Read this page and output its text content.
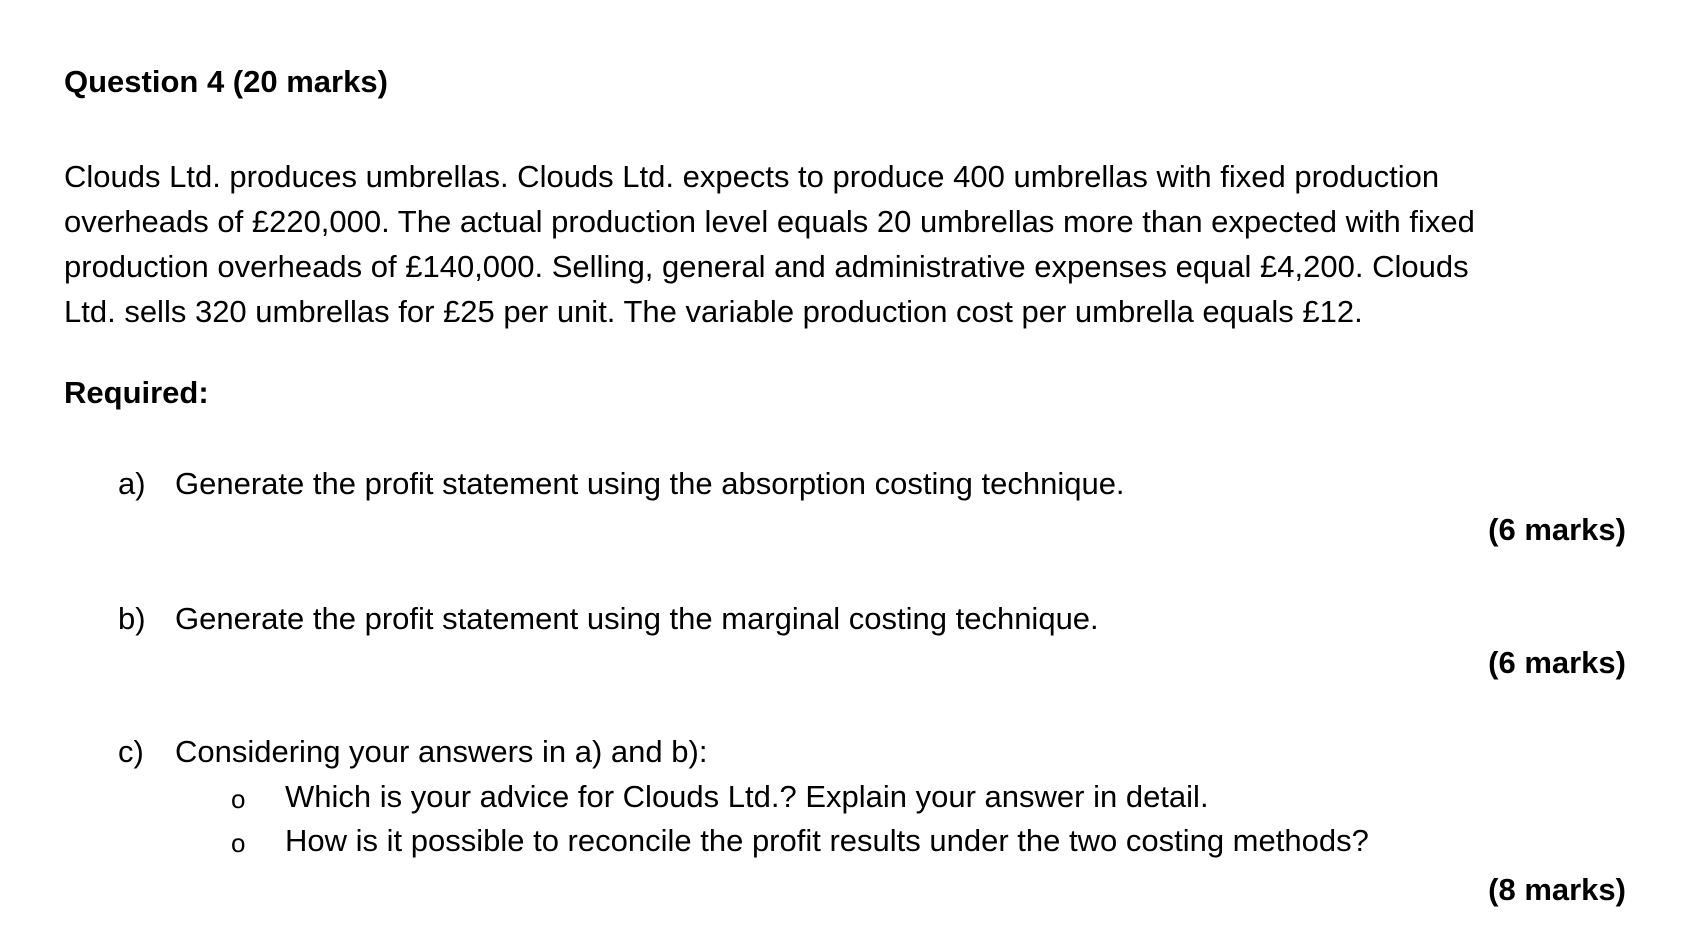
Question 4 (20 marks)
Clouds Ltd. produces umbrellas. Clouds Ltd. expects to produce 400 umbrellas with fixed production
overheads of £220,000. The actual production level equals 20 umbrellas more than expected with fixed
production overheads of £140,000. Selling, general and administrative expenses equal £4,200. Clouds
Ltd. sells 320 umbrellas for £25 per unit. The variable production cost per umbrella equals £12.
Required:
a) Generate the profit statement using the absorption costing technique.
(6 marks)
b) Generate the profit statement using the marginal costing technique.
(6 marks)
c) Considering your answers in a) and b):
o Which is your advice for Clouds Ltd.? Explain your answer in detail.
o How is it possible to reconcile the profit results under the two costing methods?
(8 marks)
